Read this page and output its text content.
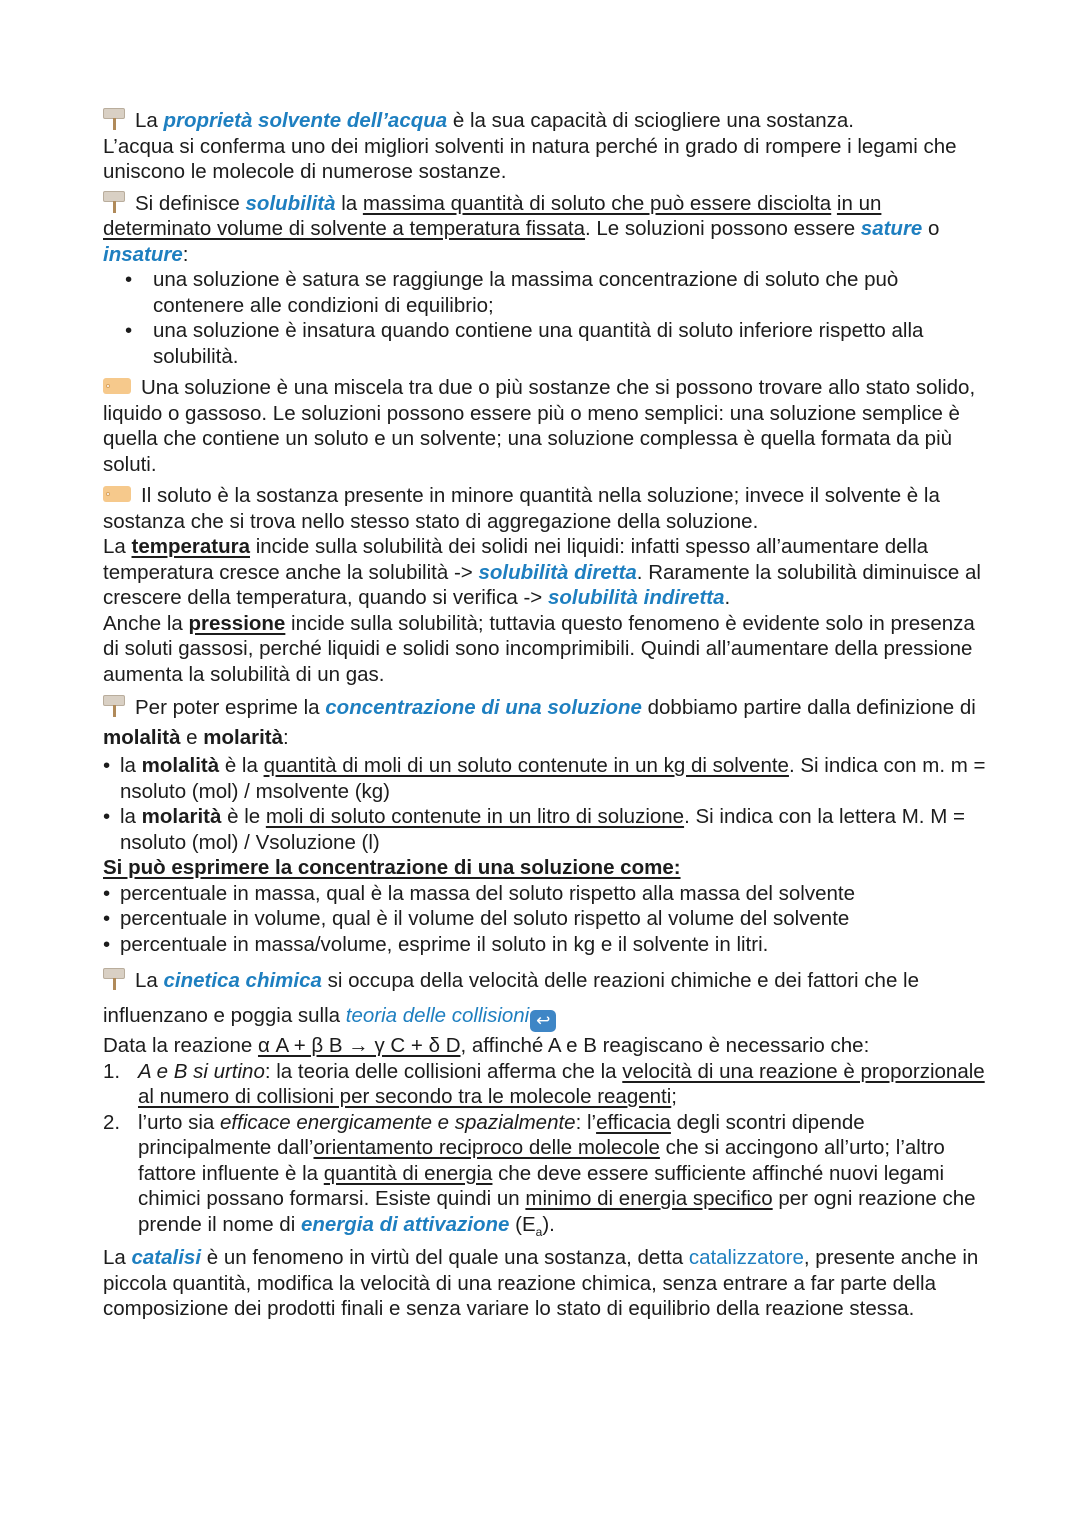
La proprietà solvente dell’acqua è la sua capacità di sciogliere una sostanza.
L’acqua si conferma uno dei migliori solventi in natura perché in grado di rompere i legami che uniscono le molecole di numerose sostanze.

Si definisce solubilità la massima quantità di soluto che può essere disciolta in un determinato volume di solvente a temperatura fissata. Le soluzioni possono essere sature o insature:

• una soluzione è satura se raggiunge la massima concentrazione di soluto che può contenere alle condizioni di equilibrio;
• una soluzione è insatura quando contiene una quantità di soluto inferiore rispetto alla solubilità.

Una soluzione è una miscela tra due o più sostanze che si possono trovare allo stato solido, liquido o gassoso. Le soluzioni possono essere più o meno semplici: una soluzione semplice è quella che contiene un soluto e un solvente; una soluzione complessa è quella formata da più soluti.

Il soluto è la sostanza presente in minore quantità nella soluzione; invece il solvente è la sostanza che si trova nello stesso stato di aggregazione della soluzione.
La temperatura incide sulla solubilità dei solidi nei liquidi: infatti spesso all’aumentare della temperatura cresce anche la solubilità -> solubilità diretta. Raramente la solubilità diminuisce al crescere della temperatura, quando si verifica -> solubilità indiretta.
Anche la pressione incide sulla solubilità; tuttavia questo fenomeno è evidente solo in presenza di soluti gassosi, perché liquidi e solidi sono incomprimibili. Quindi all’aumentare della pressione aumenta la solubilità di un gas.

Per poter esprime la concentrazione di una soluzione dobbiamo partire dalla definizione di molalità e molarità:

• la molalità è la quantità di moli di un soluto contenute in un kg di solvente. Si indica con m. m = nsoluto (mol) / msolvente (kg)
• la molarità è le moli di soluto contenute in un litro di soluzione. Si indica con la lettera M. M = nsoluto (mol) / Vsoluzione (l)

Si può esprimere la concentrazione di una soluzione come:

• percentuale in massa, qual è la massa del soluto rispetto alla massa del solvente
• percentuale in volume, qual è il volume del soluto rispetto al volume del solvente
• percentuale in massa/volume, esprime il soluto in kg e il solvente in litri.

La cinetica chimica si occupa della velocità delle reazioni chimiche e dei fattori che le influenzano e poggia sulla teoria delle collisioni ↩

Data la reazione α A + β B → γ C + δ D, affinché A e B reagiscano è necessario che:

1. A e B si urtino: la teoria delle collisioni afferma che la velocità di una reazione è proporzionale al numero di collisioni per secondo tra le molecole reagenti;
2. l’urto sia efficace energicamente e spazialmente: l’efficacia degli scontri dipende principalmente dall’orientamento reciproco delle molecole che si accingono all’urto; l’altro fattore influente è la quantità di energia che deve essere sufficiente affinché nuovi legami chimici possano formarsi. Esiste quindi un minimo di energia specifico per ogni reazione che prende il nome di energia di attivazione $(E_a)$.

La catalisi è un fenomeno in virtù del quale una sostanza, detta catalizzatore, presente anche in piccola quantità, modifica la velocità di una reazione chimica, senza entrare a far parte della composizione dei prodotti finali e senza variare lo stato di equilibrio della reazione stessa.
